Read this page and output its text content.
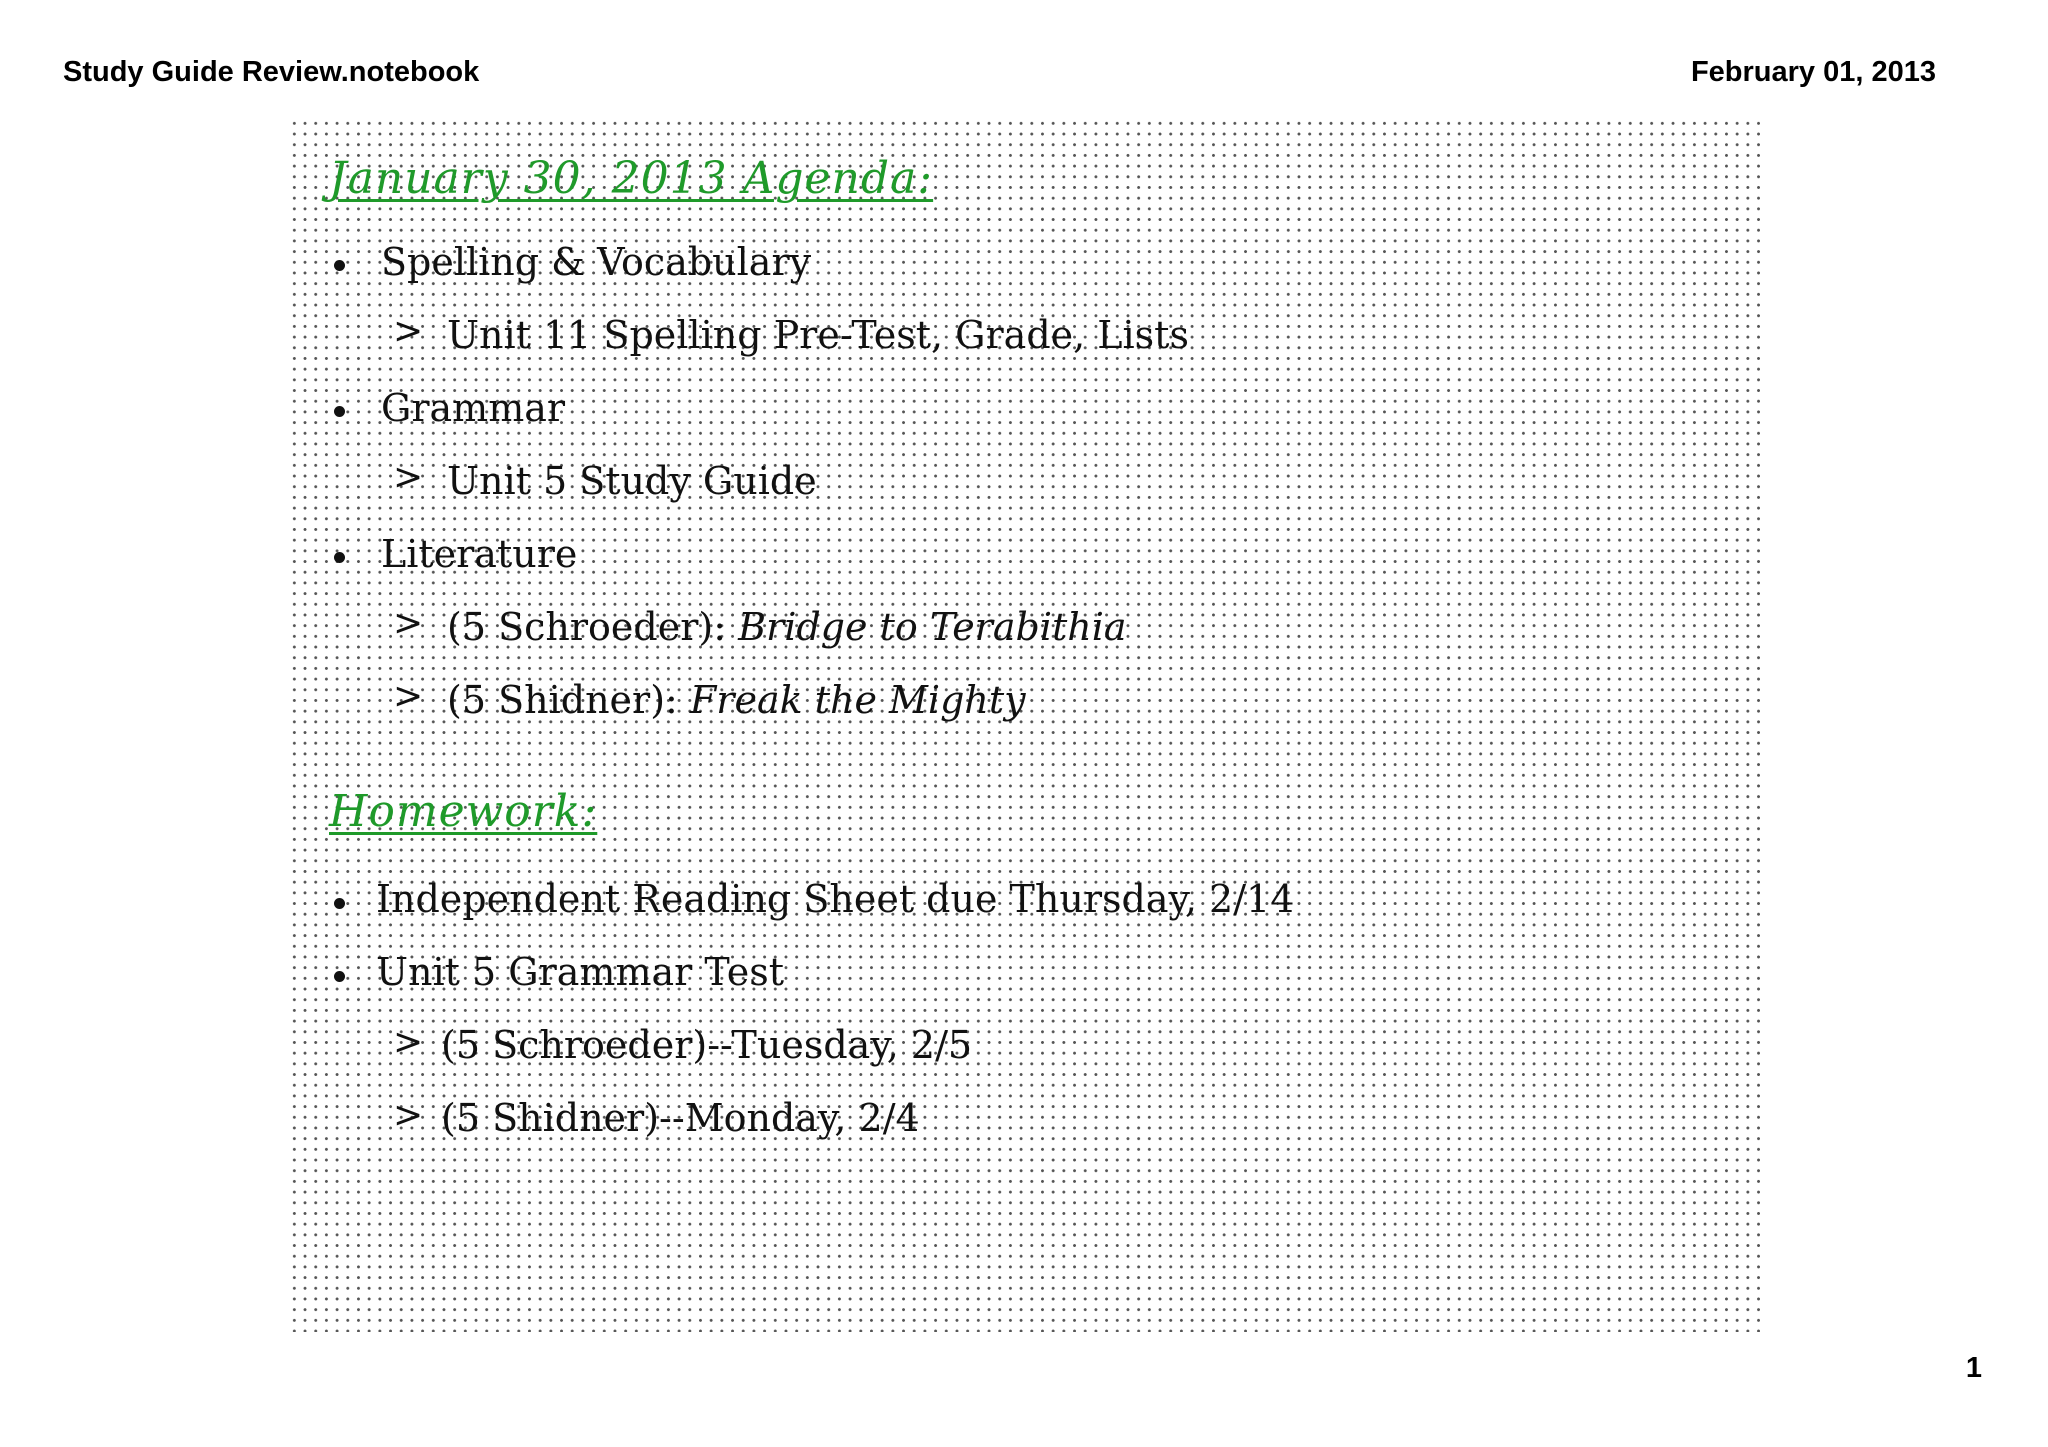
Study Guide Review.notebook	February 01, 2013
January 30, 2013 Agenda:
Spelling & Vocabulary
> Unit 11 Spelling Pre-Test, Grade, Lists
Grammar
> Unit 5 Study Guide
Literature
> (5 Schroeder): Bridge to Terabithia
> (5 Shidner): Freak the Mighty
Homework:
Independent Reading Sheet due Thursday, 2/14
Unit 5 Grammar Test
> (5 Schroeder)--Tuesday, 2/5
> (5 Shidner)--Monday, 2/4
1
